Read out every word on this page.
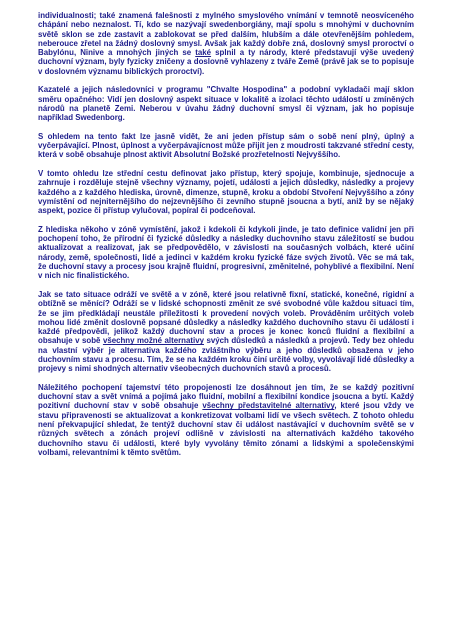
individualnosti; také znamená falešnosti z mylného smyslového vnímání v temnotě neosvíceného chápání nebo neznalost. Tí, kdo se nazývají swedenborgiány, mají spolu s mnohými v duchovním světě sklon se zde zastavit a zablokovat se před dalším, hlubším a dále otevřenějším pohledem, neberouce zřetel na žádný doslovný smysl. Avšak jak každý dobře zná, doslovný smysl proroctví o Babylónu, Ninive a mnohých jiných se také splnil a ty národy, které představují výše uvedený duchovní význam, byly fyzicky zničeny a doslovně vyhlazeny z tváře Země (právě jak se to popisuje v doslovném významu biblických proroctví).

Kazatelé a jejich následovníci v programu "Chvalte Hospodina" a podobní vykladači mají sklon směru opačného: Vidí jen doslovný aspekt situace v lokalitě a izolaci těchto událostí u zmíněných národů na planetě Zemi. Neberou v úvahu žádný duchovní smysl či význam, jak ho popisuje například Swedenborg.

S ohledem na tento fakt lze jasně vidět, že ani jeden přístup sám o sobě není plný, úplný a vyčerpávající. Plnost, úplnost a vyčerpávajícnost může přijít jen z moudrosti takzvané střední cesty, která v sobě obsahuje plnost aktivit Absolutní Božské prozřetelnosti Nejvyššího.

V tomto ohledu lze střední cestu definovat jako přístup, který spojuje, kombinuje, sjednocuje a zahrnuje i rozděluje stejně všechny významy, pojetí, události a jejich důsledky, následky a projevy každého a z každého hlediska, úrovně, dimenze, stupně, kroku a období Stvoření Nejvyššího a zóny vymístění od nejniternějšího do nejzevnějšího či zevního stupně jsoucna a bytí, aniž by se nějaký aspekt, pozice či přístup vylučoval, popíral či podceňoval.

Z hlediska někoho v zóně vymístění, jakož i kdekoli či kdykoli jinde, je tato definice validní jen při pochopení toho, že přírodní či fyzické důsledky a následky duchovního stavu záležitostí se budou aktualizovat a realizovat, jak se předpovědělo, v závislosti na současných volbách, které učiní národy, země, společnosti, lidé a jedinci v každém kroku fyzické fáze svých životů. Věc se má tak, že duchovní stavy a procesy jsou krajně fluidní, progresivní, změnitelné, pohyblivé a flexibilní. Není v nich nic finalistického.

Jak se tato situace odráží ve světě a v zóně, které jsou relativně fixní, statické, konečné, rigidní a obtížně se měnící? Odráží se v lidské schopnosti změnit ze své svobodné vůle každou situaci tím, že se jim předkládají neustále příležitosti k provedení nových voleb. Prováděním určitých voleb mohou lidé změnit doslovně popsané důsledky a následky každého duchovního stavu či událostí i každé předpovědi, jelikož každý duchovní stav a proces je konec konců fluidní a flexibilní a obsahuje v sobě všechny možné alternativy svých důsledků a následků a projevů. Tedy bez ohledu na vlastní výběr je alternativa každého zvláštního výběru a jeho důsledků obsažena v jeho duchovním stavu a procesu. Tím, že se na každém kroku činí určité volby, vyvolávají lidé důsledky a projevy s nimi shodných alternativ všeobecných duchovních stavů a procesů.

Náležitého pochopení tajemství této propojenosti lze dosáhnout jen tím, že se každý pozitivní duchovní stav a svět vnímá a pojímá jako fluidní, mobilní a flexibilní kondice jsoucna a bytí. Každý pozitivní duchovní stav v sobě obsahuje všechny představitelné alternativy, které jsou vždy ve stavu připravenosti se aktualizovat a konkretizovat volbami lidí ve všech světech. Z tohoto ohledu není překvapující shledat, že tentýž duchovní stav či událost nastávající v duchovním světě se v různých světech a zónách projeví odlišně v závislosti na alternativách každého takového duchovního stavu či události, které byly vyvolány těmito zónami a lidskými a společenskými volbami, relevantními k těmto světům.
